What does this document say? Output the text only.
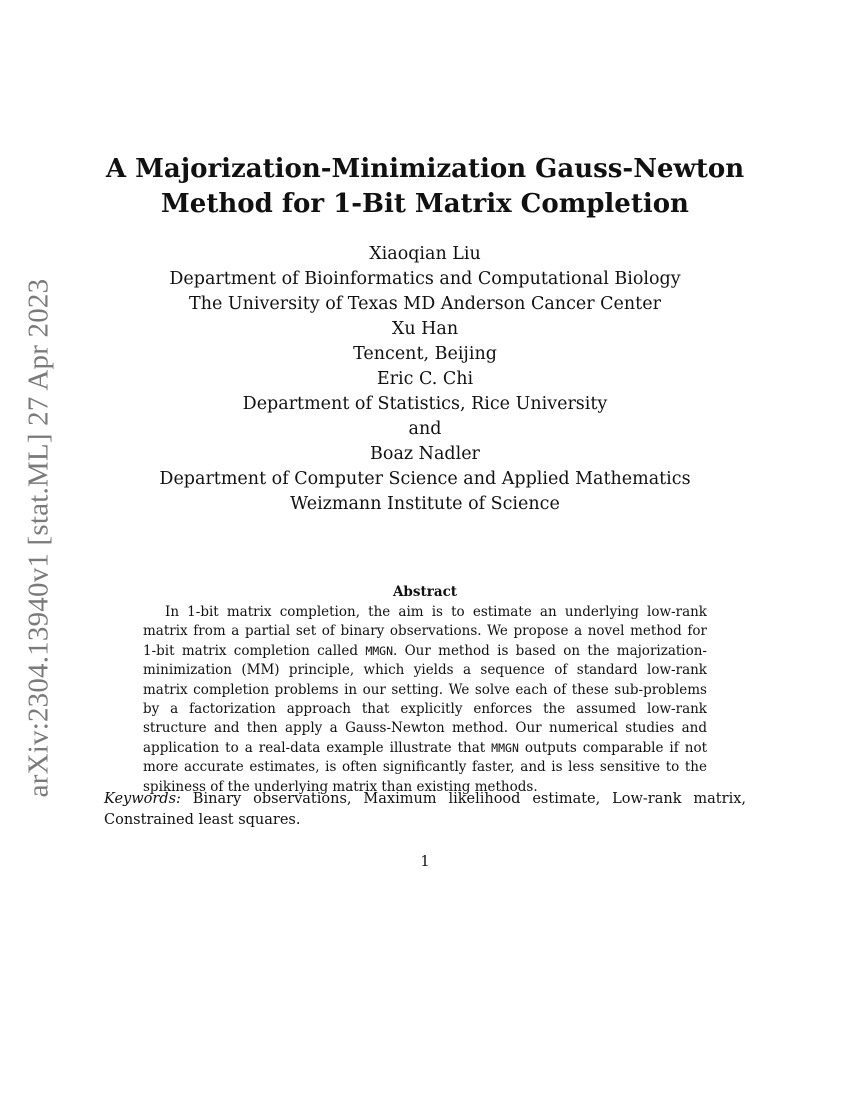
arXiv:2304.13940v1 [stat.ML] 27 Apr 2023
A Majorization-Minimization Gauss-Newton
Method for 1-Bit Matrix Completion
Xiaoqian Liu
Department of Bioinformatics and Computational Biology
The University of Texas MD Anderson Cancer Center
Xu Han
Tencent, Beijing
Eric C. Chi
Department of Statistics, Rice University
and
Boaz Nadler
Department of Computer Science and Applied Mathematics
Weizmann Institute of Science
Abstract

In 1-bit matrix completion, the aim is to estimate an underlying low-rank matrix from a partial set of binary observations. We propose a novel method for 1-bit matrix completion called MMGN. Our method is based on the majorization-minimization (MM) principle, which yields a sequence of standard low-rank matrix completion problems in our setting. We solve each of these sub-problems by a factorization approach that explicitly enforces the assumed low-rank structure and then apply a Gauss-Newton method. Our numerical studies and application to a real-data example illustrate that MMGN outputs comparable if not more accurate estimates, is often significantly faster, and is less sensitive to the spikiness of the underlying matrix than existing methods.

Keywords: Binary observations, Maximum likelihood estimate, Low-rank matrix, Constrained least squares.

1
